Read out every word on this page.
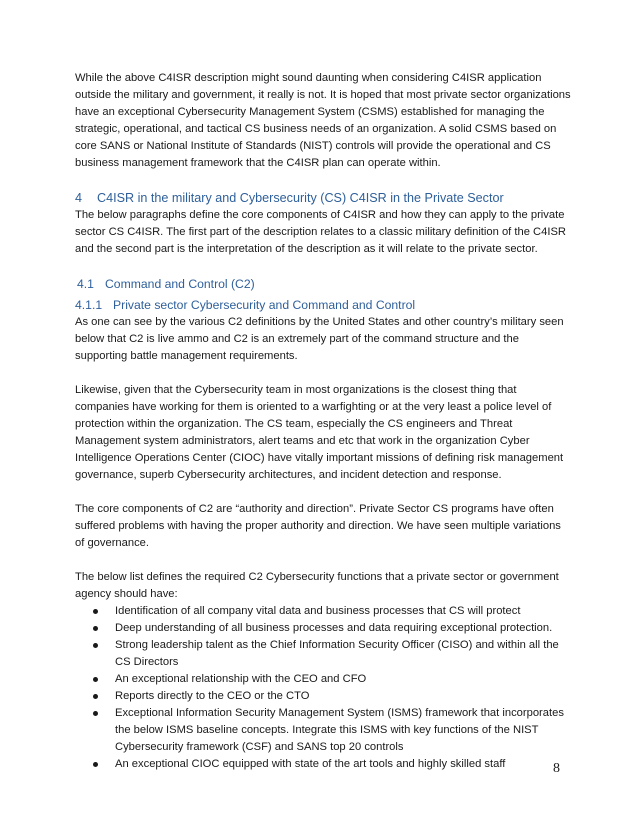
While the above C4ISR description might sound daunting when considering C4ISR application outside the military and government, it really is not. It is hoped that most private sector organizations have an exceptional Cybersecurity Management System (CSMS) established for managing the strategic, operational, and tactical CS business needs of an organization. A solid CSMS based on core SANS or National Institute of Standards (NIST) controls will provide the operational and CS business management framework that the C4ISR plan can operate within.

4 C4ISR in the military and Cybersecurity (CS) C4ISR in the Private Sector

The below paragraphs define the core components of C4ISR and how they can apply to the private sector CS C4ISR. The first part of the description relates to a classic military definition of the C4ISR and the second part is the interpretation of the description as it will relate to the private sector.

4.1 Command and Control (C2)
4.1.1 Private sector Cybersecurity and Command and Control

As one can see by the various C2 definitions by the United States and other country’s military seen below that C2 is live ammo and C2 is an extremely part of the command structure and the supporting battle management requirements.

Likewise, given that the Cybersecurity team in most organizations is the closest thing that companies have working for them is oriented to a warfighting or at the very least a police level of protection within the organization. The CS team, especially the CS engineers and Threat Management system administrators, alert teams and etc that work in the organization Cyber Intelligence Operations Center (CIOC) have vitally important missions of defining risk management governance, superb Cybersecurity architectures, and incident detection and response.

The core components of C2 are “authority and direction”. Private Sector CS programs have often suffered problems with having the proper authority and direction. We have seen multiple variations of governance.

The below list defines the required C2 Cybersecurity functions that a private sector or government agency should have:

Identification of all company vital data and business processes that CS will protect
Deep understanding of all business processes and data requiring exceptional protection.
Strong leadership talent as the Chief Information Security Officer (CISO) and within all the CS Directors
An exceptional relationship with the CEO and CFO
Reports directly to the CEO or the CTO
Exceptional Information Security Management System (ISMS) framework that incorporates the below ISMS baseline concepts. Integrate this ISMS with key functions of the NIST Cybersecurity framework (CSF) and SANS top 20 controls
An exceptional CIOC equipped with state of the art tools and highly skilled staff	8
